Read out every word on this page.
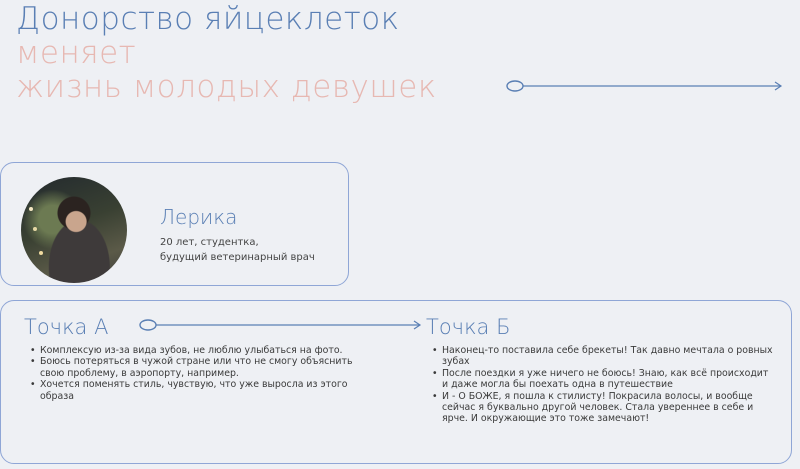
Донорство яйцеклеток
меняет
жизнь молодых девушек
Лерика
20 лет, студентка,
будущий ветеринарный врач
Точка А	Точка Б
• Комплексую из-за вида зубов, не люблю улыбаться на фото.
• Боюсь потеряться в чужой стране или что не смогу объяснить свою проблему, в аэропорту, например.
• Хочется поменять стиль, чувствую, что уже выросла из этого образа
• Наконец-то поставила себе брекеты! Так давно мечтала о ровных зубах
• После поездки я уже ничего не боюсь! Знаю, как всё происходит и даже могла бы поехать одна в путешествие
• И - О БОЖЕ, я пошла к стилисту! Покрасила волосы, и вообще сейчас я буквально другой человек. Стала увереннее в себе и ярче. И окружающие это тоже замечают!
